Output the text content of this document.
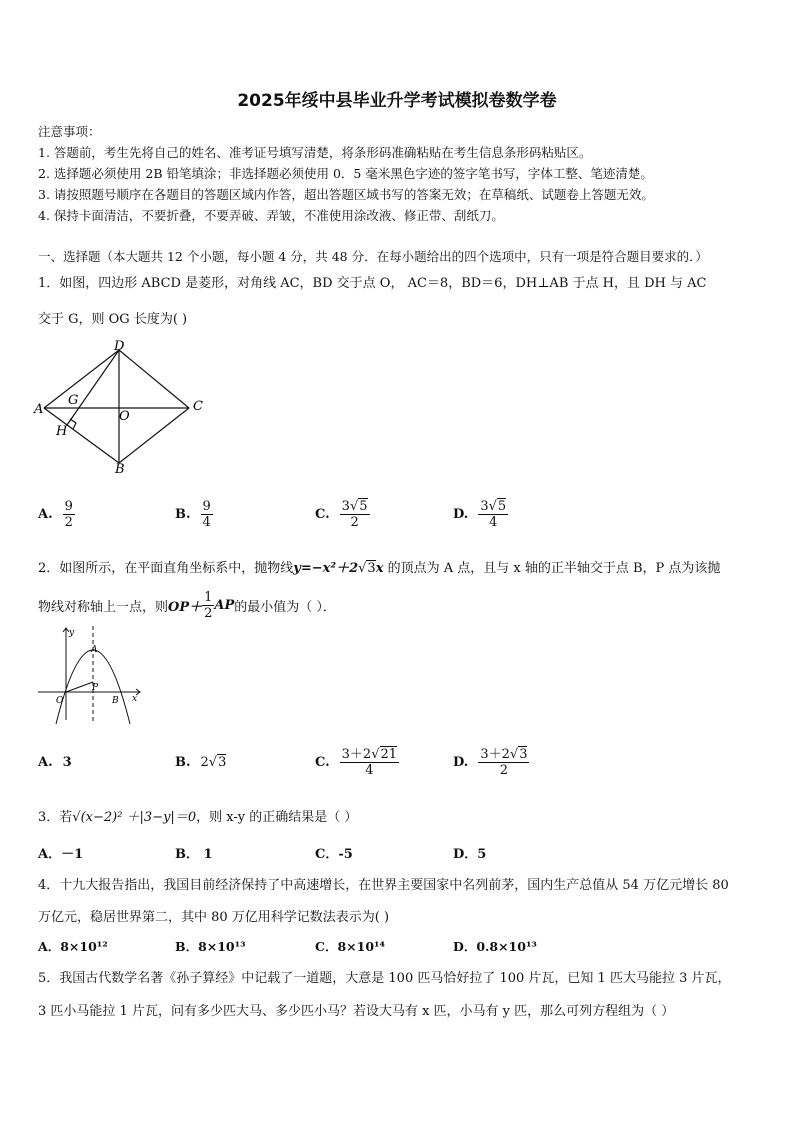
2025年绥中县毕业升学考试模拟卷数学卷
注意事项：
1. 答题前，考生先将自己的姓名、准考证号填写清楚，将条形码准确粘贴在考生信息条形码粘贴区。
2. 选择题必须使用 2B 铅笔填涂；非选择题必须使用 0．5 毫米黑色字迹的签字笔书写，字体工整、笔迹清楚。
3. 请按照题号顺序在各题目的答题区域内作答，超出答题区域书写的答案无效；在草稿纸、试题卷上答题无效。
4. 保持卡面清洁，不要折叠，不要弄破、弄皱，不准使用涂改液、修正带、刮纸刀。
一、选择题（本大题共 12 个小题，每小题 4 分，共 48 分．在每小题给出的四个选项中，只有一项是符合题目要求的．）
1．如图，四边形 ABCD 是菱形，对角线 AC，BD 交于点 O， AC＝8，BD＝6，DH⊥AB 于点 H，且 DH 与 AC
交于 G，则 OG 长度为( )
D
A
G
O
C
H
B
A. $\frac{9}{2}$	B. $\frac{9}{4}$	C. $\frac{3√5}{2}$	D. $\frac{3√5}{4}$
2．如图所示，在平面直角坐标系中，抛物线y=−x²＋2√3x 的顶点为 A 点，且与 x 轴的正半轴交于点 B，P 点为该抛
物线对称轴上一点，则 $OP+ \frac{1}{2}$ AP 的最小值为（ ）．
y
A
P
O	B x
A. 3	B. 2 √ 3	C. $\frac{3+2√21}{4}$	D. $\frac{3+2√3}{2}$
3．若√(x−2)² ＋|3−y|＝0，则 x-y 的正确结果是（ ）
A．－1	B． 1	C．-5	D．5
4．十九大报告指出，我国目前经济保持了中高速增长，在世界主要国家中名列前茅，国内生产总值从 54 万亿元增长 80
万亿元，稳居世界第二，其中 80 万亿用科学记数法表示为( )
A．8×10¹²	B．8×10¹³	C．8×10¹⁴	D．0.8×10¹³
5．我国古代数学名著《孙子算经》中记载了一道题，大意是 100 匹马恰好拉了 100 片瓦，已知 1 匹大马能拉 3 片瓦，
3 匹小马能拉 1 片瓦，问有多少匹大马、多少匹小马？若设大马有 x 匹，小马有 y 匹，那么可列方程组为（ ）
